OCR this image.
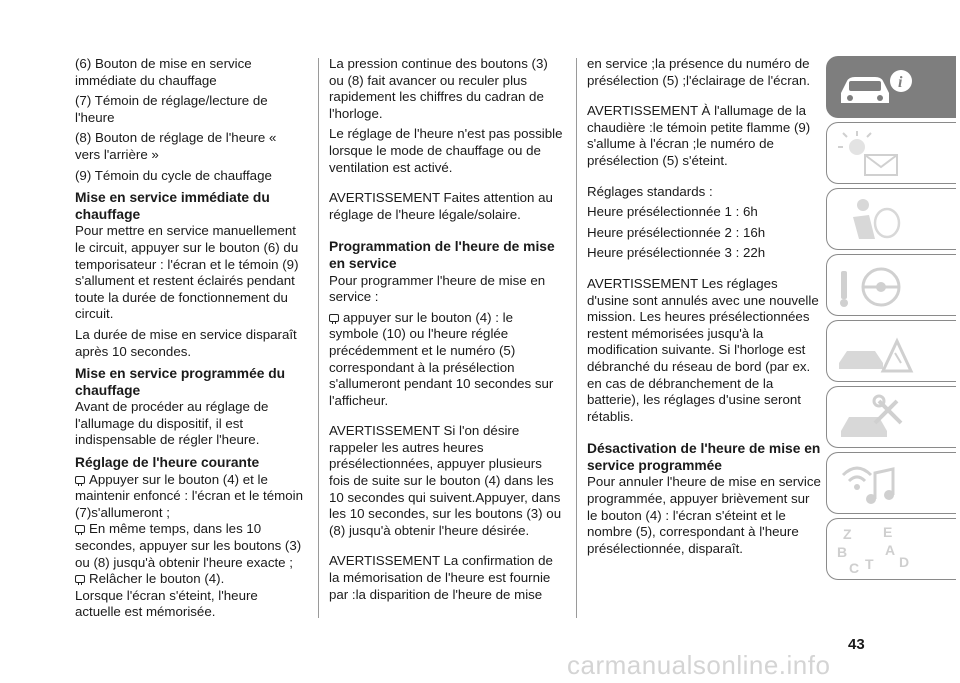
(6) Bouton de mise en service immédiate du chauffage

(7) Témoin de réglage/lecture de l'heure

(8) Bouton de réglage de l'heure « vers l'arrière »

(9) Témoin du cycle de chauffage

Mise en service immédiate du chauffage

Pour mettre en service manuellement le circuit, appuyer sur le bouton (6) du temporisateur : l'écran et le témoin (9) s'allument et restent éclairés pendant toute la durée de fonctionnement du circuit.

La durée de mise en service disparaît après 10 secondes.

Mise en service programmée du chauffage

Avant de procéder au réglage de l'allumage du dispositif, il est indispensable de régler l'heure.

Réglage de l'heure courante

Appuyer sur le bouton (4) et le maintenir enfoncé : l'écran et le témoin (7)s'allumeront ;

En même temps, dans les 10 secondes, appuyer sur les boutons (3) ou (8) jusqu'à obtenir l'heure exacte ;

Relâcher le bouton (4).

Lorsque l'écran s'éteint, l'heure actuelle est mémorisée.

La pression continue des boutons (3) ou (8) fait avancer ou reculer plus rapidement les chiffres du cadran de l'horloge.

Le réglage de l'heure n'est pas possible lorsque le mode de chauffage ou de ventilation est activé.

AVERTISSEMENT Faites attention au réglage de l'heure légale/solaire.

Programmation de l'heure de mise en service

Pour programmer l'heure de mise en service :

appuyer sur le bouton (4) : le symbole (10) ou l'heure réglée précédemment et le numéro (5) correspondant à la présélection s'allumeront pendant 10 secondes sur l'afficheur.

AVERTISSEMENT Si l'on désire rappeler les autres heures présélectionnées, appuyer plusieurs fois de suite sur le bouton (4) dans les 10 secondes qui suivent.Appuyer, dans les 10 secondes, sur les boutons (3) ou (8) jusqu'à obtenir l'heure désirée.

AVERTISSEMENT La confirmation de la mémorisation de l'heure est fournie par :la disparition de l'heure de mise

en service ;la présence du numéro de présélection (5) ;l'éclairage de l'écran.

AVERTISSEMENT À l'allumage de la chaudière :le témoin petite flamme (9) s'allume à l'écran ;le numéro de présélection (5) s'éteint.

Réglages standards :

Heure présélectionnée 1 : 6h

Heure présélectionnée 2 : 16h

Heure présélectionnée 3 : 22h

AVERTISSEMENT Les réglages d'usine sont annulés avec une nouvelle mission. Les heures présélectionnées restent mémorisées jusqu'à la modification suivante. Si l'horloge est débranché du réseau de bord (par ex. en cas de débranchement de la batterie), les réglages d'usine seront rétablis.

Désactivation de l'heure de mise en service programmée

Pour annuler l'heure de mise en service programmée, appuyer brièvement sur le bouton (4) : l'écran s'éteint et le nombre (5), correspondant à l'heure présélectionnée, disparaît.

i
Z E
B	A
C T D
43
carmanualsonline.info
